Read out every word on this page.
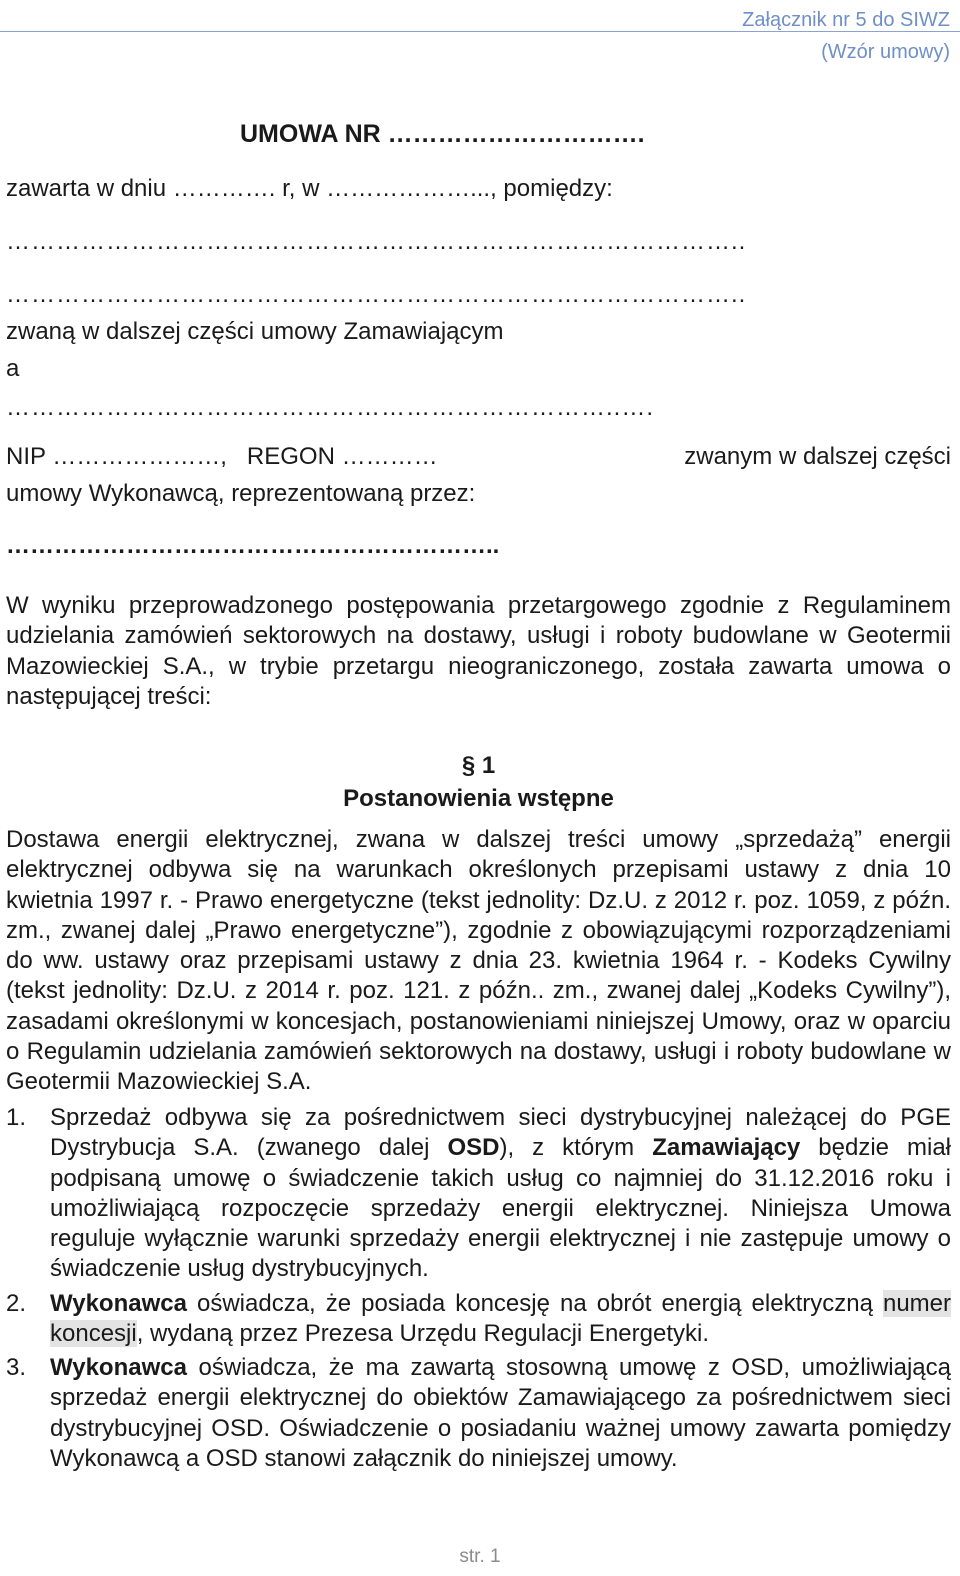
Załącznik nr 5 do SIWZ
(Wzór umowy)
UMOWA NR ………………………….
zawarta w dniu …………. r, w ………………..., pomiędzy:
……………………………………………………………………………..
……………………………………………………………………………..
zwaną w dalszej części umowy Zamawiającym
a
………………………………………………………………..….
NIP …………………,   REGON …………	zwanym w dalszej części
umowy Wykonawcą, reprezentowaną przez:
……………………………………………………..
W wyniku przeprowadzonego postępowania przetargowego zgodnie z Regulaminem udzielania zamówień sektorowych na dostawy, usługi i roboty budowlane w Geotermii Mazowieckiej S.A., w trybie przetargu nieograniczonego, została zawarta umowa o następującej treści:
§ 1
Postanowienia wstępne
Dostawa energii elektrycznej, zwana w dalszej treści umowy „sprzedażą” energii elektrycznej odbywa się na warunkach określonych przepisami ustawy z dnia 10 kwietnia 1997 r. - Prawo energetyczne (tekst jednolity: Dz.U. z 2012 r. poz. 1059, z późn. zm., zwanej dalej „Prawo energetyczne”), zgodnie z obowiązującymi rozporządzeniami do ww. ustawy oraz przepisami ustawy z dnia 23. kwietnia 1964 r. - Kodeks Cywilny (tekst jednolity: Dz.U. z 2014 r. poz. 121. z późn.. zm., zwanej dalej „Kodeks Cywilny”), zasadami określonymi w koncesjach, postanowieniami niniejszej Umowy, oraz w oparciu o Regulamin udzielania zamówień sektorowych na dostawy, usługi i roboty budowlane w Geotermii Mazowieckiej S.A.
1. Sprzedaż odbywa się za pośrednictwem sieci dystrybucyjnej należącej do PGE Dystrybucja S.A. (zwanego dalej OSD), z którym Zamawiający będzie miał podpisaną umowę o świadczenie takich usług co najmniej do 31.12.2016 roku i umożliwiającą rozpoczęcie sprzedaży energii elektrycznej. Niniejsza Umowa reguluje wyłącznie warunki sprzedaży energii elektrycznej i nie zastępuje umowy o świadczenie usług dystrybucyjnych.
2. Wykonawca oświadcza, że posiada koncesję na obrót energią elektryczną numer koncesji, wydaną przez Prezesa Urzędu Regulacji Energetyki.
3. Wykonawca oświadcza, że ma zawartą stosowną umowę z OSD, umożliwiającą sprzedaż energii elektrycznej do obiektów Zamawiającego za pośrednictwem sieci dystrybucyjnej OSD. Oświadczenie o posiadaniu ważnej umowy zawarta pomiędzy Wykonawcą a OSD stanowi załącznik do niniejszej umowy.
str. 1
